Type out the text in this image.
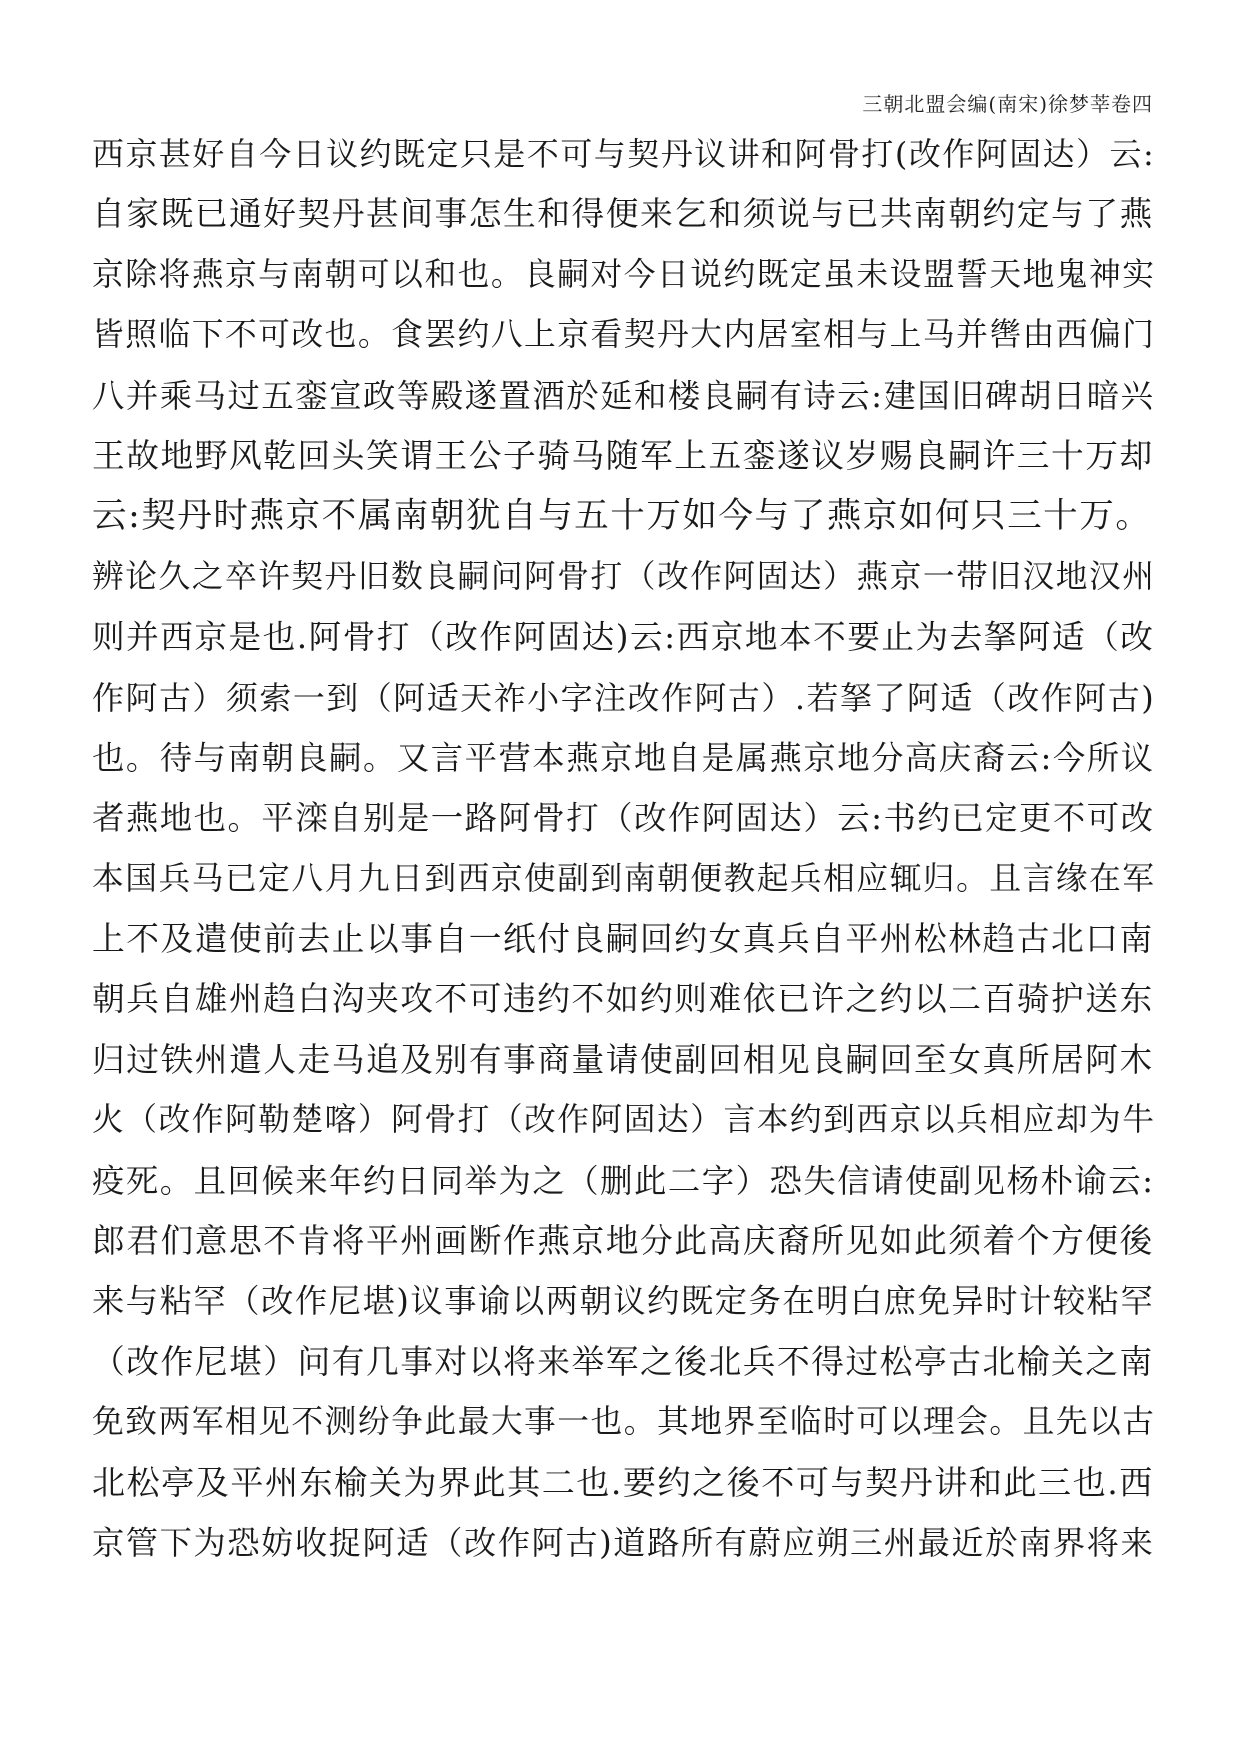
三朝北盟会编(南宋)徐梦莘卷四
西京甚好自今日议约既定只是不可与契丹议讲和阿骨打(改作阿固达）云:
自家既已通好契丹甚间事怎生和得便来乞和须说与已共南朝约定与了燕
京除将燕京与南朝可以和也。良嗣对今日说约既定虽未设盟誓天地鬼神实
皆照临下不可改也。食罢约八上京看契丹大内居室相与上马并辔由西偏门
八并乘马过五銮宣政等殿遂置酒於延和楼良嗣有诗云:建国旧碑胡日暗兴
王故地野风乾回头笑谓王公子骑马随军上五銮遂议岁赐良嗣许三十万却
云:契丹时燕京不属南朝犹自与五十万如今与了燕京如何只三十万。
辨论久之卒许契丹旧数良嗣问阿骨打（改作阿固达）燕京一带旧汉地汉州
则并西京是也.阿骨打（改作阿固达)云:西京地本不要止为去拏阿适（改
作阿古）须索一到（阿适天祚小字注改作阿古）.若拏了阿适（改作阿古)
也。待与南朝良嗣。又言平营本燕京地自是属燕京地分高庆裔云:今所议
者燕地也。平滦自别是一路阿骨打（改作阿固达）云:书约已定更不可改
本国兵马已定八月九日到西京使副到南朝便教起兵相应辄归。且言缘在军
上不及遣使前去止以事自一纸付良嗣回约女真兵自平州松林趋古北口南
朝兵自雄州趋白沟夹攻不可违约不如约则难依已许之约以二百骑护送东
归过铁州遣人走马追及别有事商量请使副回相见良嗣回至女真所居阿木
火（改作阿勒楚喀）阿骨打（改作阿固达）言本约到西京以兵相应却为牛
疫死。且回候来年约日同举为之（删此二字）恐失信请使副见杨朴谕云:
郎君们意思不肯将平州画断作燕京地分此高庆裔所见如此须着个方便後
来与粘罕（改作尼堪)议事谕以两朝议约既定务在明白庶免异时计较粘罕
（改作尼堪）问有几事对以将来举军之後北兵不得过松亭古北榆关之南
免致两军相见不测纷争此最大事一也。其地界至临时可以理会。且先以古
北松亭及平州东榆关为界此其二也.要约之後不可与契丹讲和此三也.西
京管下为恐妨收捉阿适（改作阿古)道路所有蔚应朔三州最近於南界将来
